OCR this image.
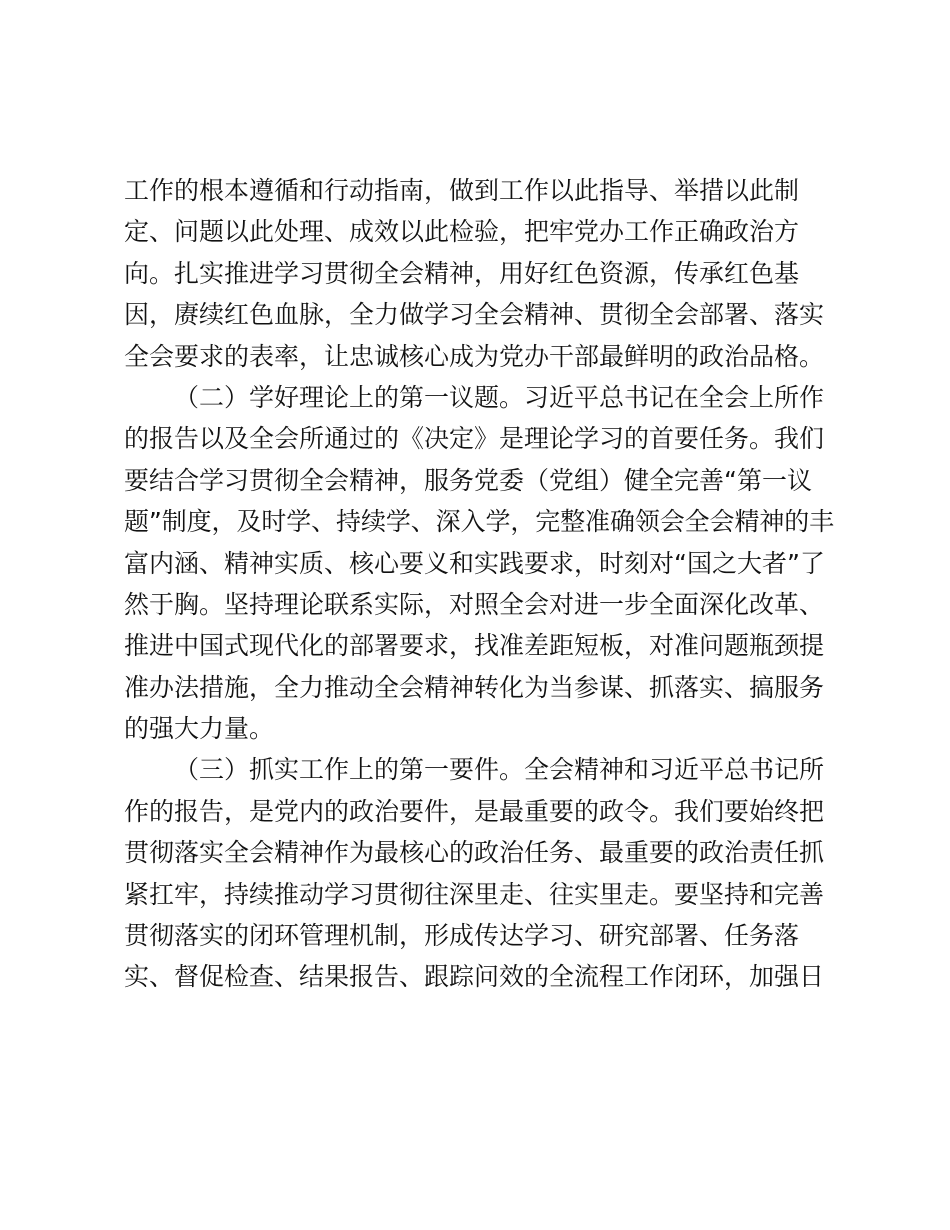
工作的根本遵循和行动指南，做到工作以此指导、举措以此制
定、问题以此处理、成效以此检验，把牢党办工作正确政治方
向。扎实推进学习贯彻全会精神，用好红色资源，传承红色基
因，赓续红色血脉，全力做学习全会精神、贯彻全会部署、落实
全会要求的表率，让忠诚核心成为党办干部最鲜明的政治品格。
（二）学好理论上的第一议题。习近平总书记在全会上所作
的报告以及全会所通过的《决定》是理论学习的首要任务。我们
要结合学习贯彻全会精神，服务党委（党组）健全完善“第一议
题”制度，及时学、持续学、深入学，完整准确领会全会精神的丰
富内涵、精神实质、核心要义和实践要求，时刻对“国之大者”了
然于胸。坚持理论联系实际，对照全会对进一步全面深化改革、
推进中国式现代化的部署要求，找准差距短板，对准问题瓶颈提
准办法措施，全力推动全会精神转化为当参谋、抓落实、搞服务
的强大力量。
（三）抓实工作上的第一要件。全会精神和习近平总书记所
作的报告，是党内的政治要件，是最重要的政令。我们要始终把
贯彻落实全会精神作为最核心的政治任务、最重要的政治责任抓
紧扛牢，持续推动学习贯彻往深里走、往实里走。要坚持和完善
贯彻落实的闭环管理机制，形成传达学习、研究部署、任务落
实、督促检查、结果报告、跟踪问效的全流程工作闭环，加强日
